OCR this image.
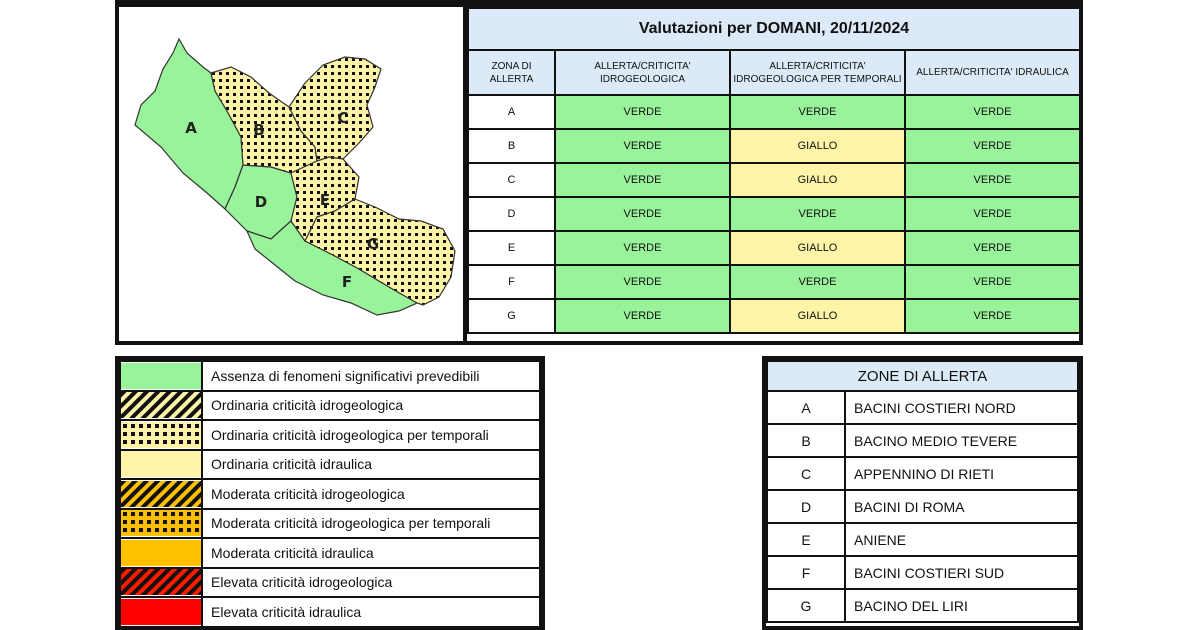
A	B
C
D	E
F
G
Valutazioni per DOMANI, 20/11/2024			
ZONA DI ALLERTA	ALLERTA/CRITICITA' IDROGEOLOGICA	ALLERTA/CRITICITA' IDROGEOLOGICA PER TEMPORALI	ALLERTA/CRITICITA' IDRAULICA
A	VERDE	VERDE	VERDE
B	VERDE	GIALLO	VERDE
C	VERDE	GIALLO	VERDE
D	VERDE	VERDE	VERDE
E	VERDE	GIALLO	VERDE
F	VERDE	VERDE	VERDE
G	VERDE	GIALLO	VERDE
	Assenza di fenomeni significativi prevedibili

	Ordinaria criticità idrogeologica

	Ordinaria criticità idrogeologica per temporali

	Ordinaria criticità idraulica

	Moderata criticità idrogeologica

	Moderata criticità idrogeologica per temporali

	Moderata criticità idraulica

	Elevata criticità idrogeologica

	Elevata criticità idraulica
ZONE DI ALLERTA	
A	BACINI COSTIERI NORD
B	BACINO MEDIO TEVERE
C	APPENNINO DI RIETI
D	BACINI DI ROMA
E	ANIENE
F	BACINI COSTIERI SUD
G	BACINO DEL LIRI
